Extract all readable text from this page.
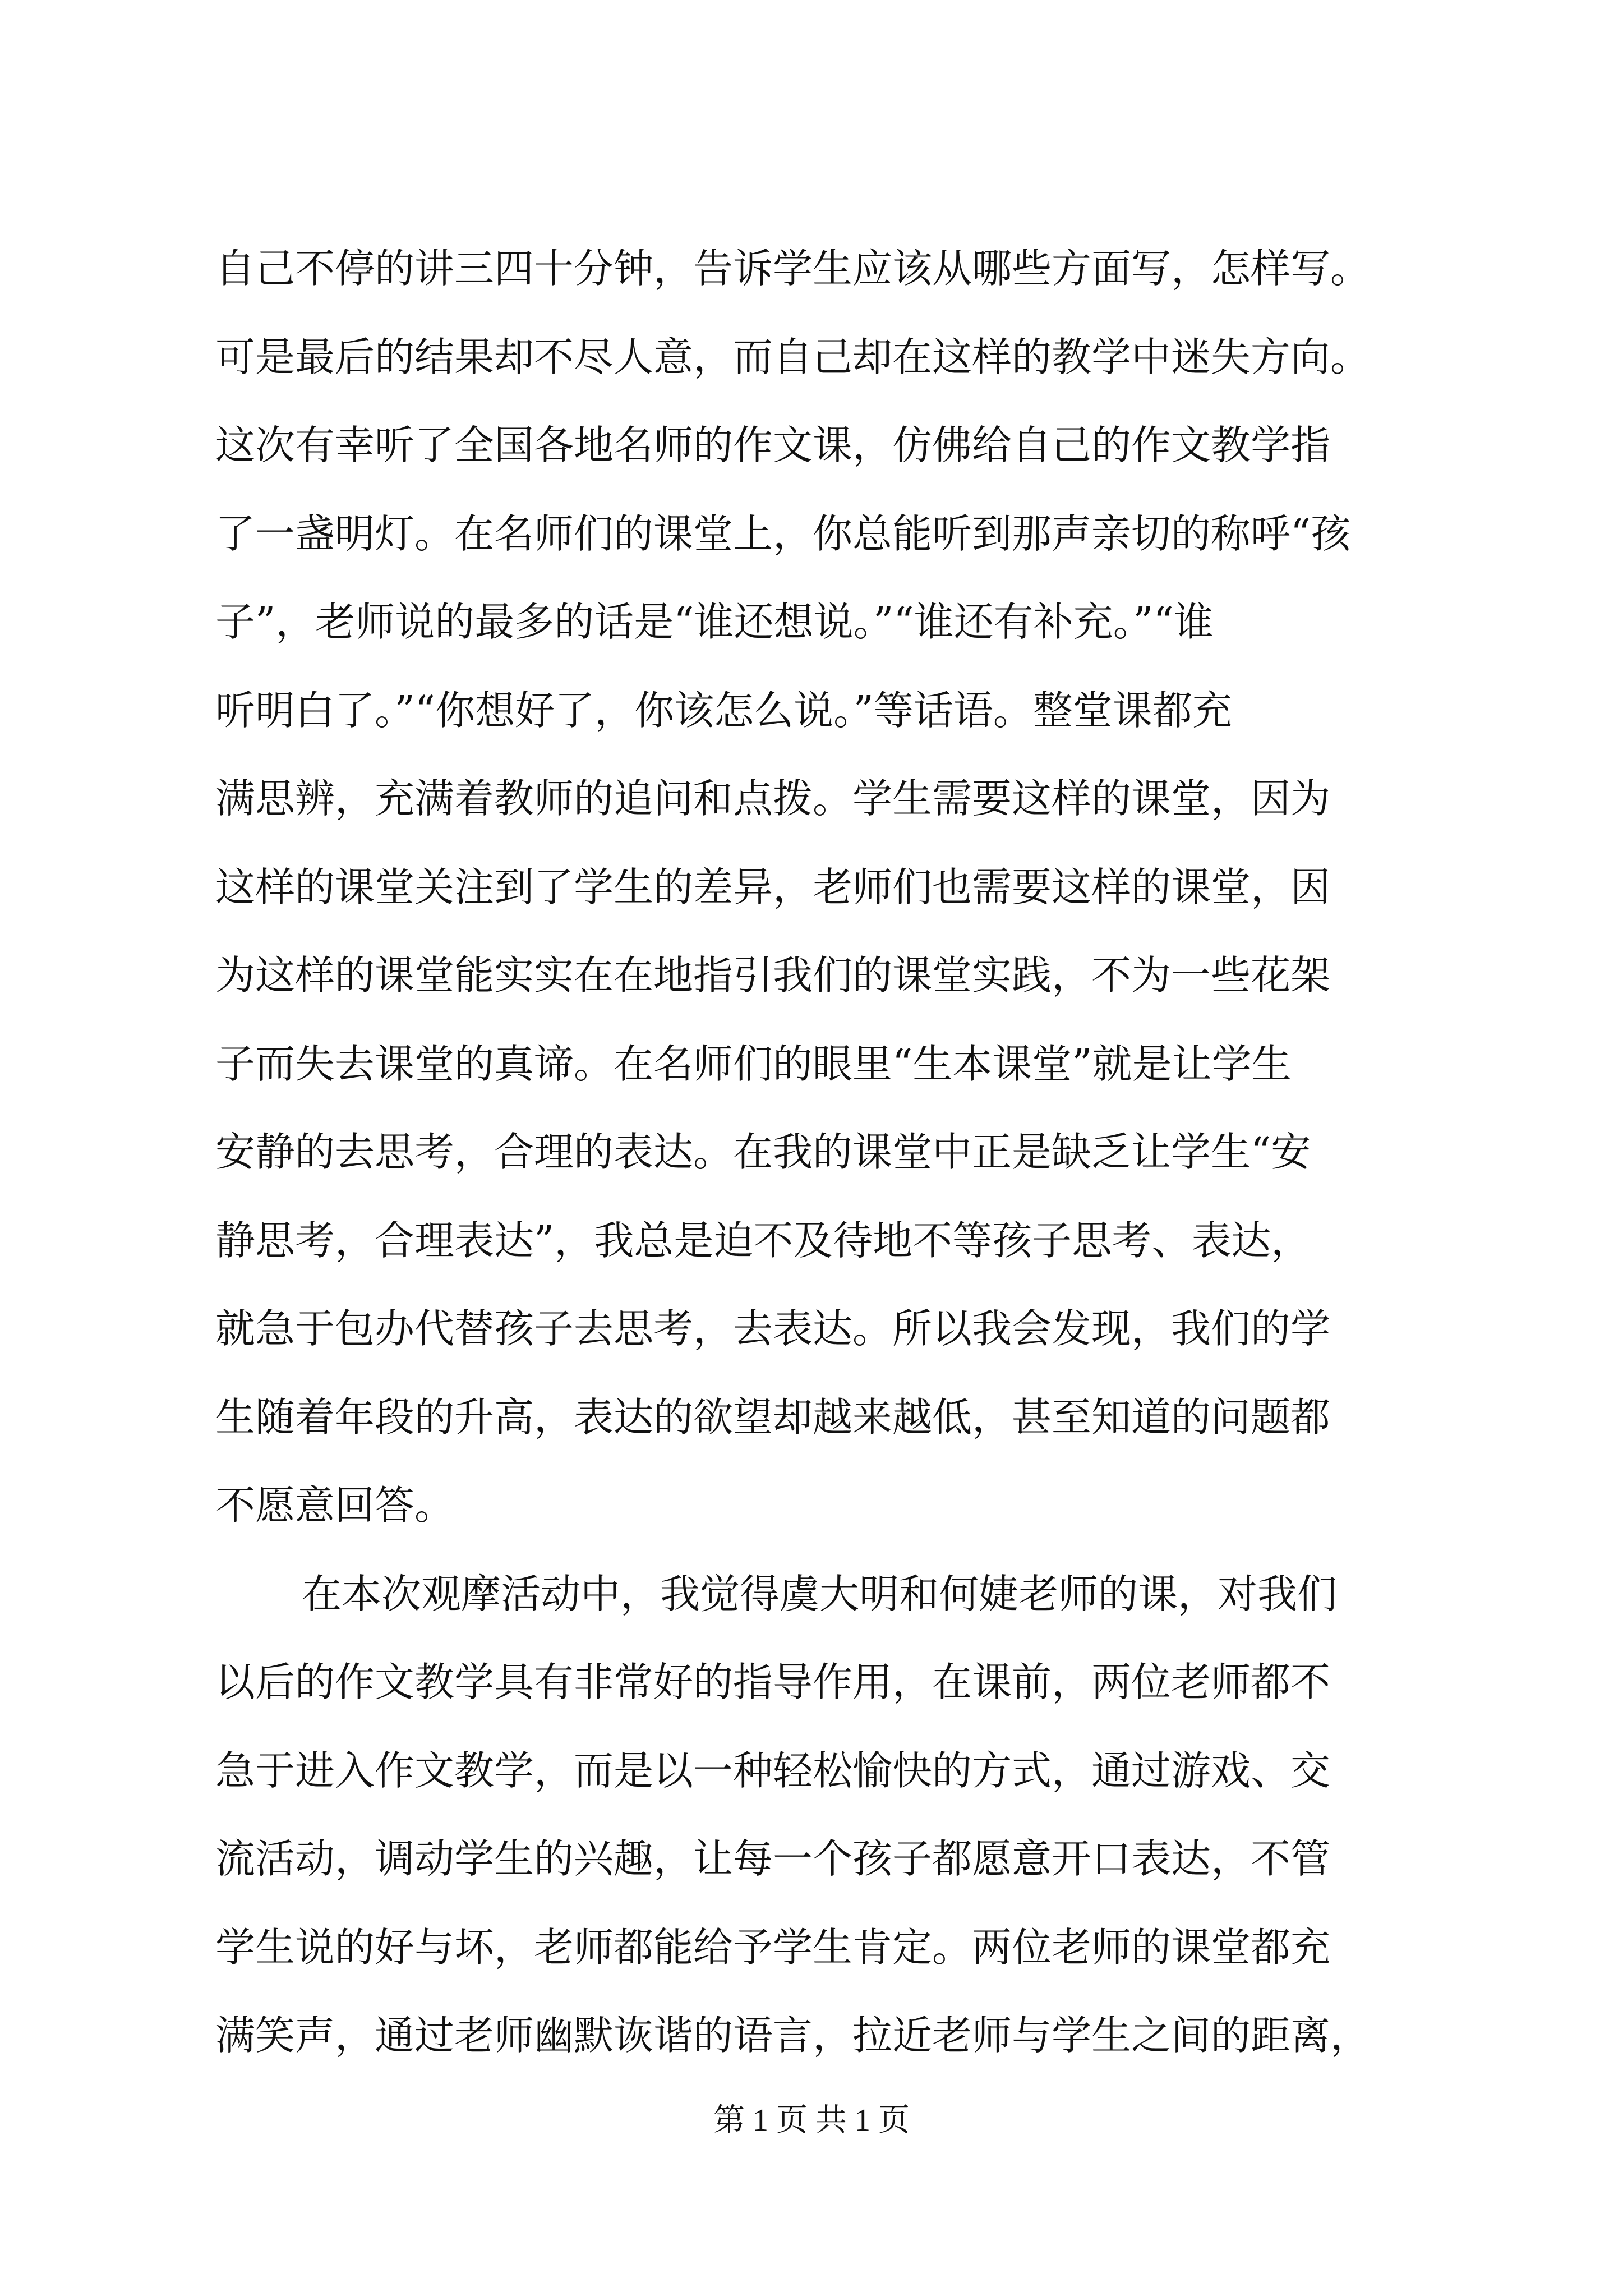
自己不停的讲三四十分钟，告诉学生应该从哪些方面写，怎样写。
可是最后的结果却不尽人意，而自己却在这样的教学中迷失方向。
这次有幸听了全国各地名师的作文课，仿佛给自己的作文教学指
了一盏明灯。在名师们的课堂上，你总能听到那声亲切的称呼“孩
子”，老师说的最多的话是“谁还想说。”“谁还有补充。”“谁
听明白了。”“你想好了，你该怎么说。”等话语。整堂课都充
满思辨，充满着教师的追问和点拨。学生需要这样的课堂，因为
这样的课堂关注到了学生的差异，老师们也需要这样的课堂，因
为这样的课堂能实实在在地指引我们的课堂实践，不为一些花架
子而失去课堂的真谛。在名师们的眼里“生本课堂”就是让学生
安静的去思考，合理的表达。在我的课堂中正是缺乏让学生“安
静思考，合理表达”，我总是迫不及待地不等孩子思考、表达，
就急于包办代替孩子去思考，去表达。所以我会发现，我们的学
生随着年段的升高，表达的欲望却越来越低，甚至知道的问题都
不愿意回答。
在本次观摩活动中，我觉得虞大明和何婕老师的课，对我们
以后的作文教学具有非常好的指导作用，在课前，两位老师都不
急于进入作文教学，而是以一种轻松愉快的方式，通过游戏、交
流活动，调动学生的兴趣，让每一个孩子都愿意开口表达，不管
学生说的好与坏，老师都能给予学生肯定。两位老师的课堂都充
满笑声，通过老师幽默诙谐的语言，拉近老师与学生之间的距离，
第 1 页 共 1 页
